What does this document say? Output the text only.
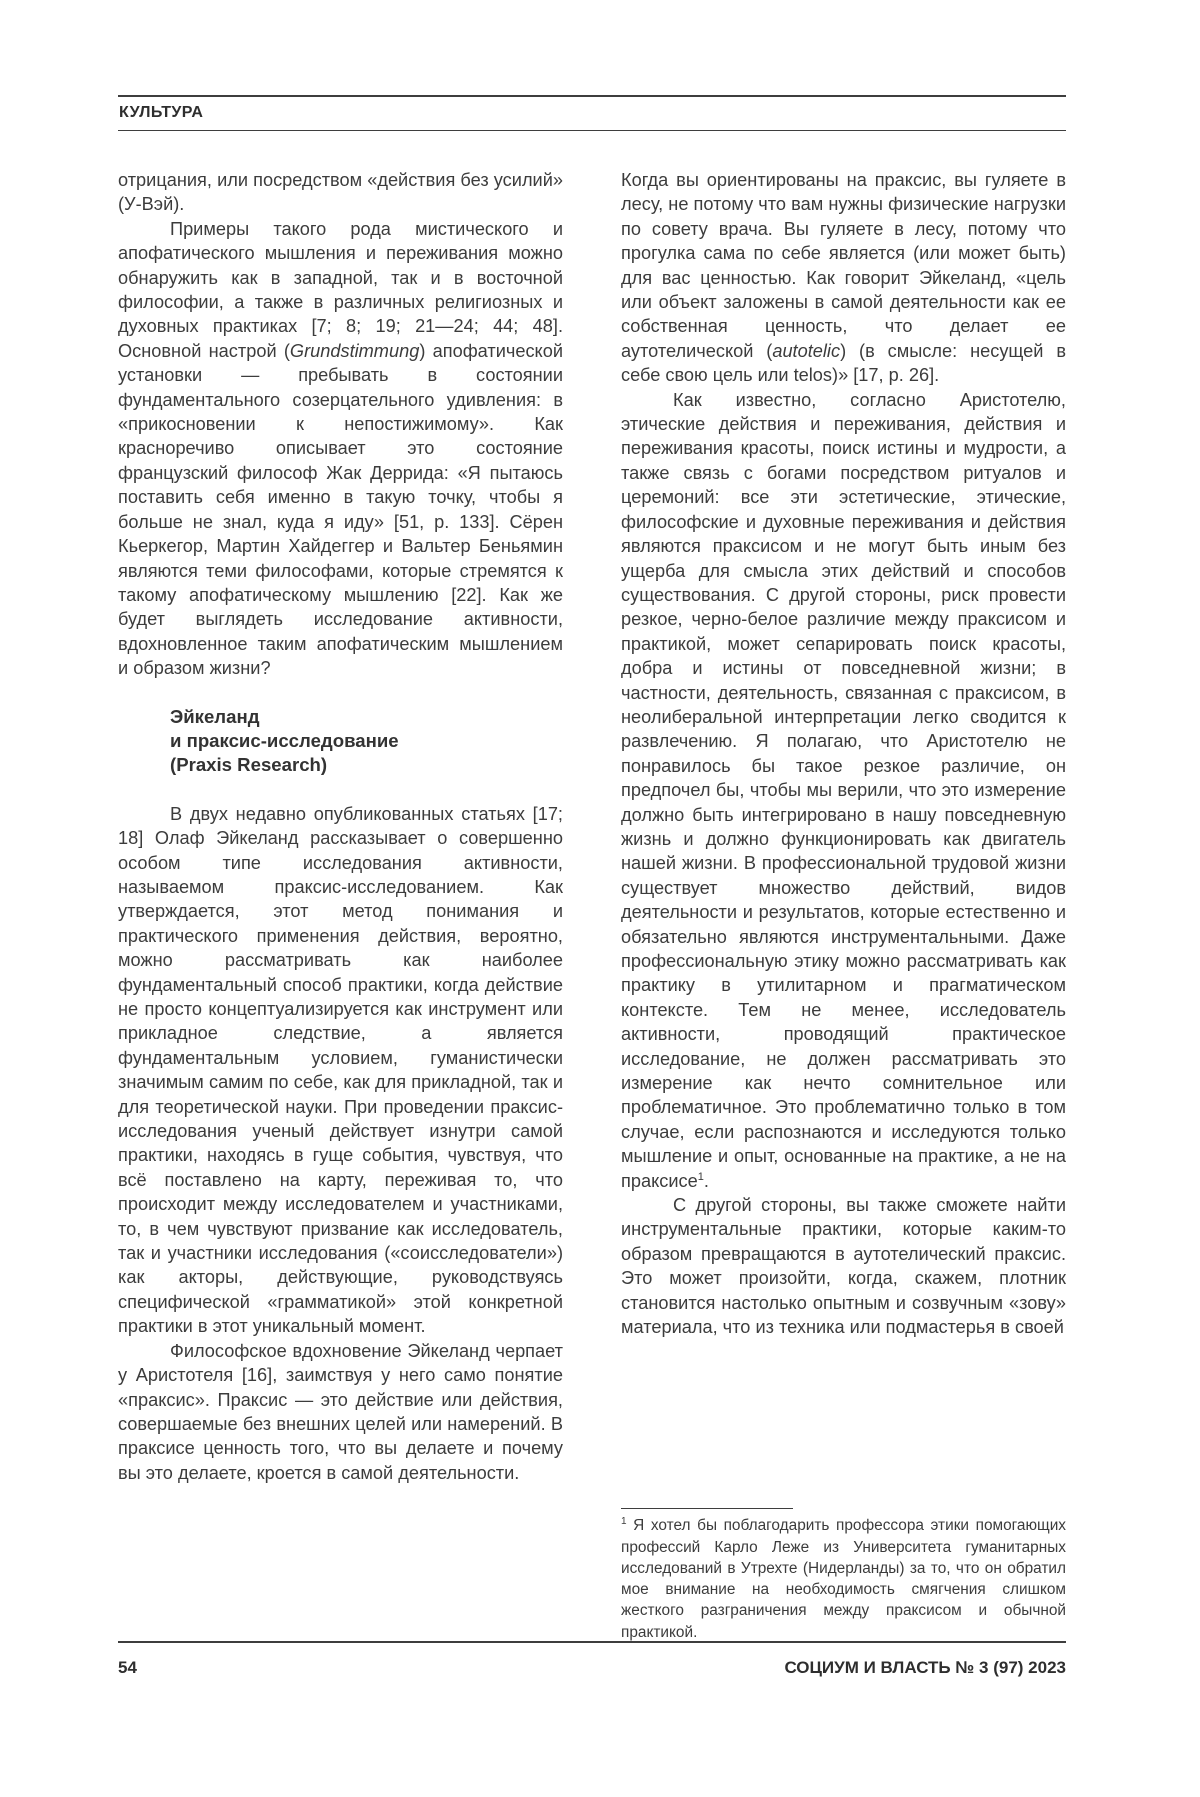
КУЛЬТУРА

отрицания, или посредством «действия без усилий» (У-Вэй).

Примеры такого рода мистического и апофатического мышления и переживания можно обнаружить как в западной, так и в восточной философии, а также в различных религиозных и духовных практиках [7; 8; 19; 21—24; 44; 48]. Основной настрой (Grundstimmung) апофатической установки — пребывать в состоянии фундаментального созерцательного удивления: в «прикосновении к непостижимому». Как красноречиво описывает это состояние французский философ Жак Деррида: «Я пытаюсь поставить себя именно в такую точку, чтобы я больше не знал, куда я иду» [51, p. 133]. Сёрен Кьеркегор, Мартин Хайдеггер и Вальтер Беньямин являются теми философами, которые стремятся к такому апофатическому мышлению [22]. Как же будет выглядеть исследование активности, вдохновленное таким апофатическим мышлением и образом жизни?

Эйкеланд
и праксис-исследование
(Praxis Research)

В двух недавно опубликованных статьях [17; 18] Олаф Эйкеланд рассказывает о совершенно особом типе исследования активности, называемом праксис-исследованием. Как утверждается, этот метод понимания и практического применения действия, вероятно, можно рассматривать как наиболее фундаментальный способ практики, когда действие не просто концептуализируется как инструмент или прикладное следствие, а является фундаментальным условием, гуманистически значимым самим по себе, как для прикладной, так и для теоретической науки. При проведении праксис-исследования ученый действует изнутри самой практики, находясь в гуще события, чувствуя, что всё поставлено на карту, переживая то, что происходит между исследователем и участниками, то, в чем чувствуют призвание как исследователь, так и участники исследования («соисследователи») как акторы, действующие, руководствуясь специфической «грамматикой» этой конкретной практики в этот уникальный момент.

Философское вдохновение Эйкеланд черпает у Аристотеля [16], заимствуя у него само понятие «праксис». Праксис — это действие или действия, совершаемые без внешних целей или намерений. В праксисе ценность того, что вы делаете и почему вы это делаете, кроется в самой деятельности.

Когда вы ориентированы на праксис, вы гуляете в лесу, не потому что вам нужны физические нагрузки по совету врача. Вы гуляете в лесу, потому что прогулка сама по себе является (или может быть) для вас ценностью. Как говорит Эйкеланд, «цель или объект заложены в самой деятельности как ее собственная ценность, что делает ее аутотелической (autotelic) (в смысле: несущей в себе свою цель или telos)» [17, p. 26].

Как известно, согласно Аристотелю, этические действия и переживания, действия и переживания красоты, поиск истины и мудрости, а также связь с богами посредством ритуалов и церемоний: все эти эстетические, этические, философские и духовные переживания и действия являются праксисом и не могут быть иным без ущерба для смысла этих действий и способов существования. С другой стороны, риск провести резкое, черно-белое различие между праксисом и практикой, может сепарировать поиск красоты, добра и истины от повседневной жизни; в частности, деятельность, связанная с праксисом, в неолиберальной интерпретации легко сводится к развлечению. Я полагаю, что Аристотелю не понравилось бы такое резкое различие, он предпочел бы, чтобы мы верили, что это измерение должно быть интегрировано в нашу повседневную жизнь и должно функционировать как двигатель нашей жизни. В профессиональной трудовой жизни существует множество действий, видов деятельности и результатов, которые естественно и обязательно являются инструментальными. Даже профессиональную этику можно рассматривать как практику в утилитарном и прагматическом контексте. Тем не менее, исследователь активности, проводящий практическое исследование, не должен рассматривать это измерение как нечто сомнительное или проблематичное. Это проблематично только в том случае, если распознаются и исследуются только мышление и опыт, основанные на практике, а не на праксисе$^1$.

С другой стороны, вы также сможете найти инструментальные практики, которые каким-то образом превращаются в аутотелический праксис. Это может произойти, когда, скажем, плотник становится настолько опытным и созвучным «зову» материала, что из техника или подмастерья в своей

$^1$ Я хотел бы поблагодарить профессора этики помогающих профессий Карло Леже из Университета гуманитарных исследований в Утрехте (Нидерланды) за то, что он обратил мое внимание на необходимость смягчения слишком жесткого разграничения между праксисом и обычной практикой.

54	СОЦИУМ И ВЛАСТЬ № 3 (97) 2023
